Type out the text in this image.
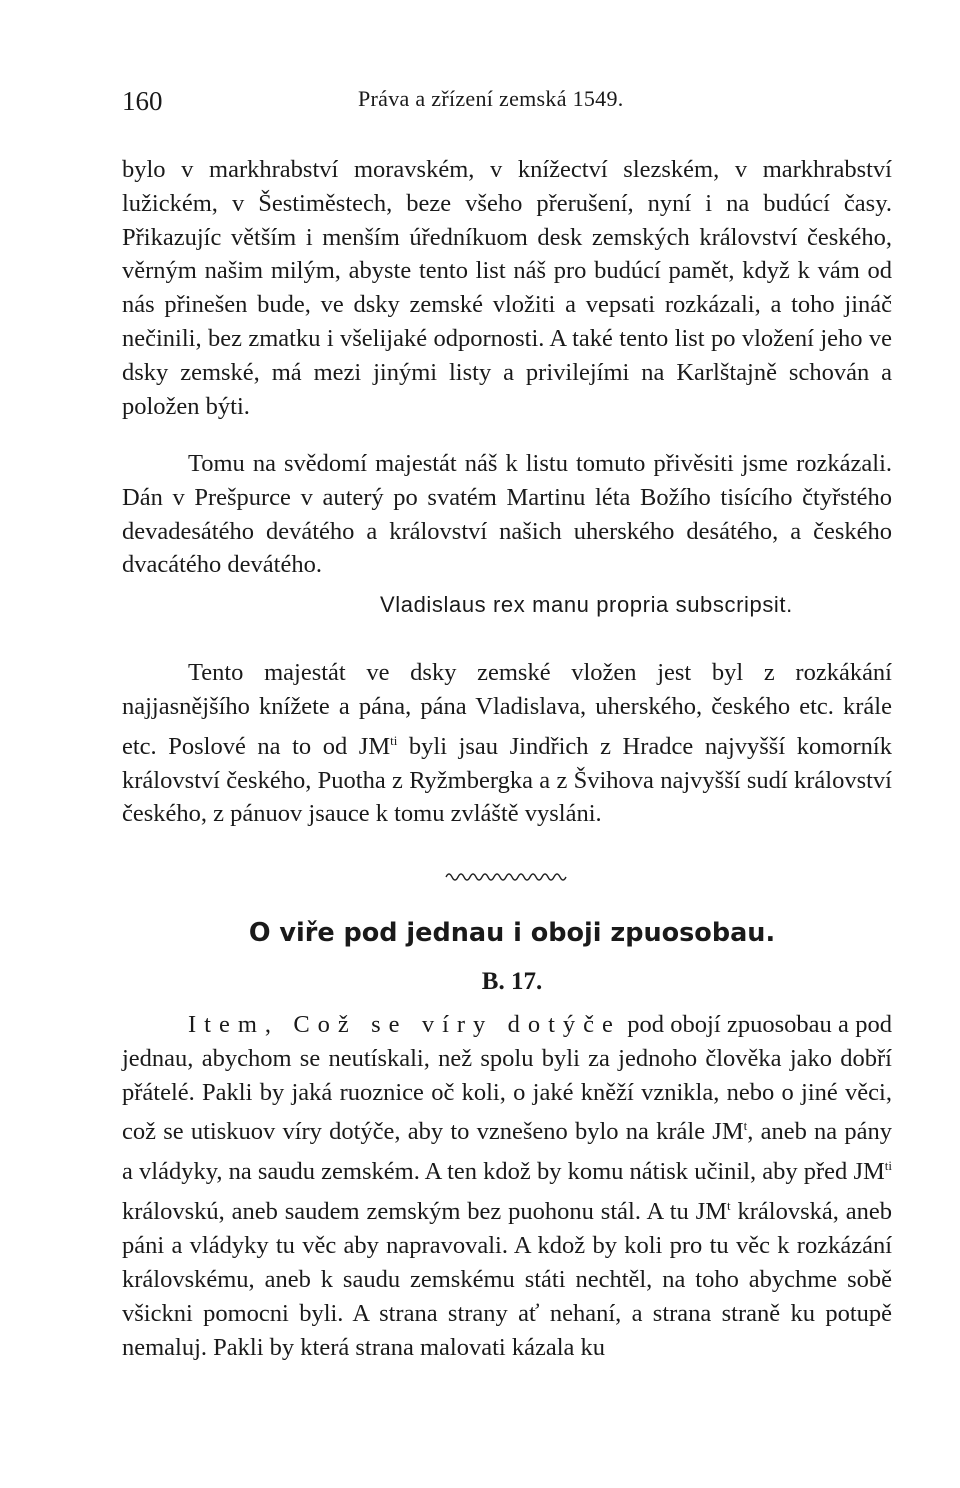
160	Práva a zřízení zemská 1549.

bylo v markhrabství moravském, v knížectví slezském, v markhrabství lužickém, v Šestiměstech, beze všeho přerušení, nyní i na budúcí časy. Přikazujíc větším i menším úředníkuom desk zemských království českého, věrným našim milým, abyste tento list náš pro budúcí pamět, když k vám od nás přinešen bude, ve dsky zemské vložiti a vepsati rozkázali, a toho jináč nečinili, bez zmatku i všelijaké odpornosti. A také tento list po vložení jeho ve dsky zemské, má mezi jinými listy a privilejími na Karlštajně schován a položen býti.

Tomu na svědomí majestát náš k listu tomuto přivěsiti jsme rozkázali. Dán v Prešpurce v auterý po svatém Martinu léta Božího tisícího čtyřstého devadesátého devátého a království našich uherského desátého, a českého dvacátého devátého.

Vladislaus rex manu propria subscripsit.

Tento majestát ve dsky zemské vložen jest byl z rozkákání najjasnějšího knížete a pána, pána Vladislava, uherského, českého etc. krále etc. Poslové na to od $JM^{ti}$ byli jsau Jindřich z Hradce najvyšší komorník království českého, Puotha z Ryžmbergka a z Švihova najvyšší sudí království českého, z pánuov jsauce k tomu zvláště vysláni.

O viře pod jednau i oboji zpuosobau.
B. 17.

Item, Což se víry dotýče pod obojí zpuosobau a pod jednau, abychom se neutískali, než spolu byli za jednoho člověka jako dobří přátelé. Pakli by jaká ruoznice oč koli, o jaké kněží vznikla, nebo o jiné věci, což se utiskuov víry dotýče, aby to vznešeno bylo na krále $JM^t$, aneb na pány a vládyky, na saudu zemském. A ten kdož by komu nátisk učinil, aby před $JM^{ti}$ královskú, aneb saudem zemským bez puohonu stál. A tu $JM^t$ královská, aneb páni a vládyky tu věc aby napravovali. A kdož by koli pro tu věc k rozkázání královskému, aneb k saudu zemskému státi nechtěl, na toho abychme sobě všickni pomocni byli. A strana strany ať nehaní, a strana straně ku potupě nemaluj. Pakli by která strana malovati kázala ku
